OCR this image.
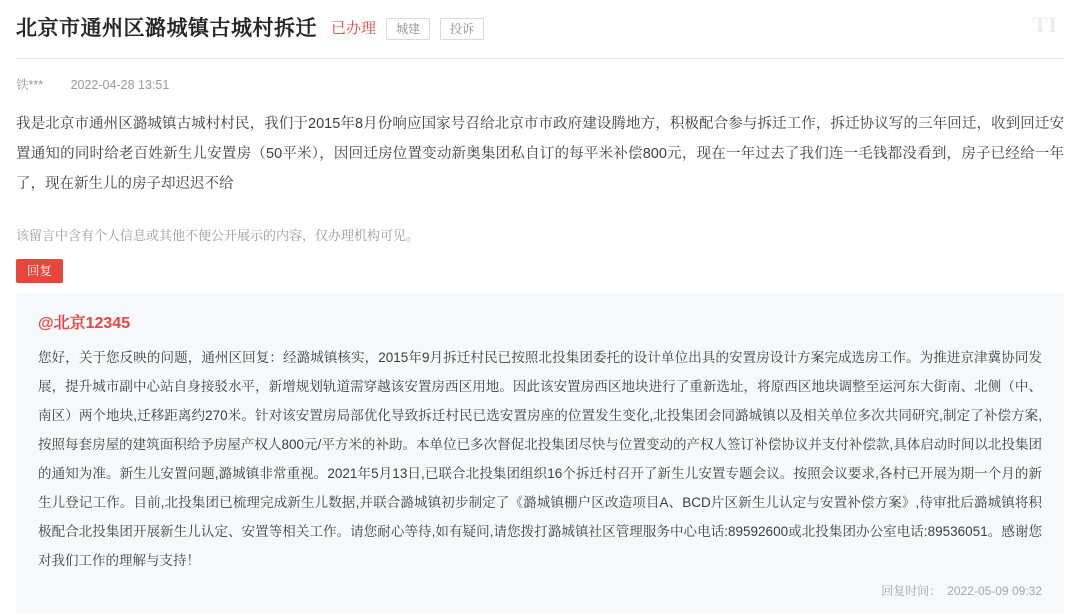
北京市通州区潞城镇古城村拆迁 已办理	城建	投诉	TI
铁*** 2022-04-28 13:51
我是北京市通州区潞城镇古城村村民，我们于2015年8月份响应国家号召给北京市市政府建设腾地方，积极配合参与拆迁工作，拆迁协议写的三年回迁，收到回迁安置通知的同时给老百姓新生儿安置房（50平米），因回迁房位置变动新奥集团私自订的每平米补偿800元，现在一年过去了我们连一毛钱都没看到，房子已经给一年了，现在新生儿的房子却迟迟不给
该留言中含有个人信息或其他不便公开展示的内容，仅办理机构可见。
回复
@北京12345
您好，关于您反映的问题，通州区回复：经潞城镇核实，2015年9月拆迁村民已按照北投集团委托的设计单位出具的安置房设计方案完成选房工作。为推进京津冀协同发展，提升城市副中心站自身接驳水平，新增规划轨道需穿越该安置房西区用地。因此该安置房西区地块进行了重新选址，将原西区地块调整至运河东大街南、北侧（中、南区）两个地块,迁移距离约270米。针对该安置房局部优化导致拆迁村民已选安置房座的位置发生变化,北投集团会同潞城镇以及相关单位多次共同研究,制定了补偿方案,按照每套房屋的建筑面积给予房屋产权人800元/平方米的补助。本单位已多次督促北投集团尽快与位置变动的产权人签订补偿协议并支付补偿款,具体启动时间以北投集团的通知为准。新生儿安置问题,潞城镇非常重视。2021年5月13日,已联合北投集团组织16个拆迁村召开了新生儿安置专题会议。按照会议要求,各村已开展为期一个月的新生儿登记工作。目前,北投集团已梳理完成新生儿数据,并联合潞城镇初步制定了《潞城镇棚户区改造项目A、BCD片区新生儿认定与安置补偿方案》,待审批后潞城镇将积极配合北投集团开展新生儿认定、安置等相关工作。请您耐心等待,如有疑问,请您拨打潞城镇社区管理服务中心电话:89592600或北投集团办公室电话:89536051。感谢您对我们工作的理解与支持！
回复时间： 2022-05-09 09:32
